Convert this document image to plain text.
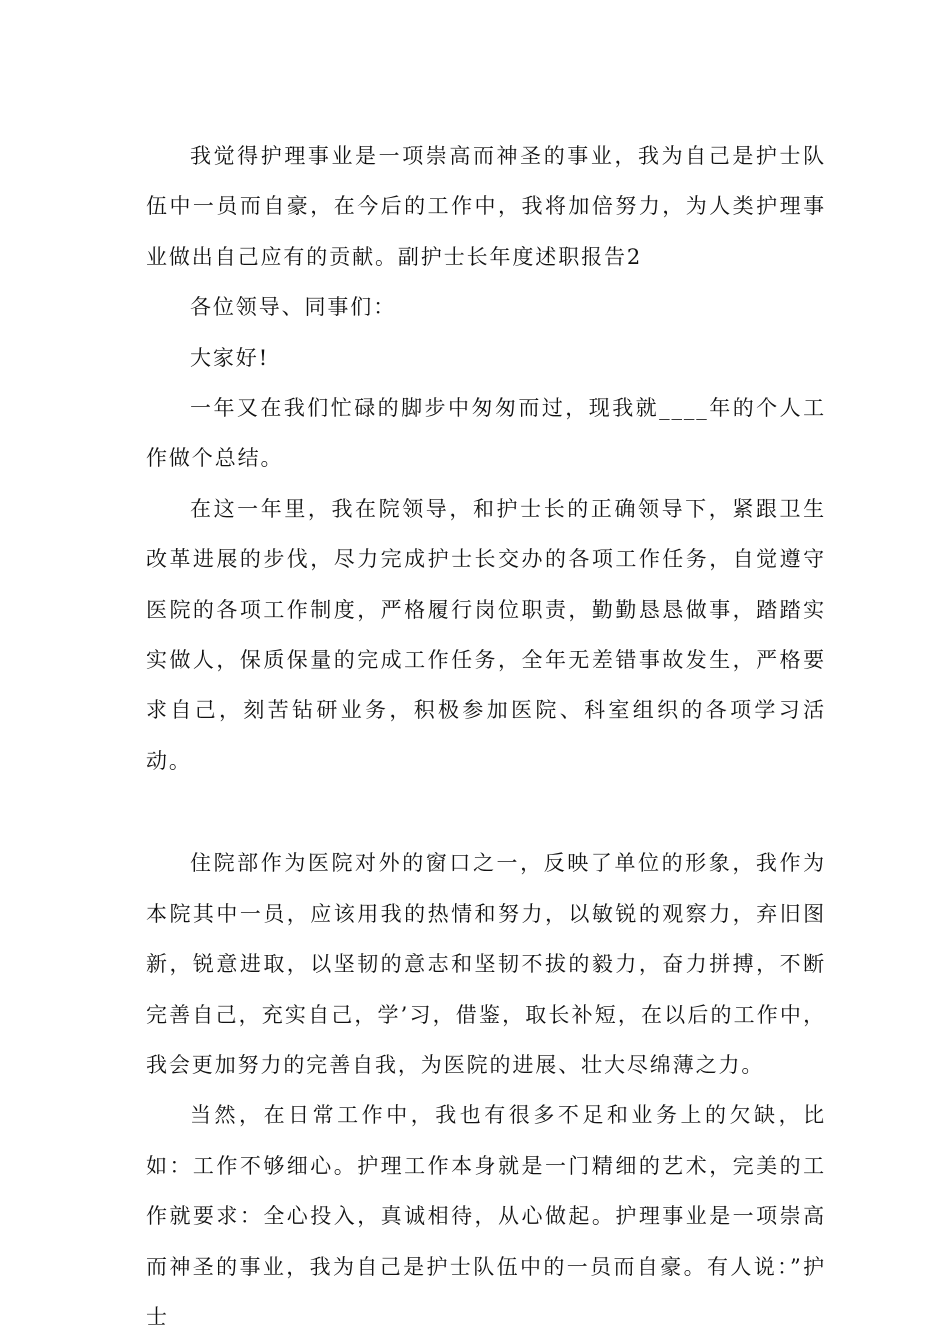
我觉得护理事业是一项崇高而神圣的事业，我为自己是护士队伍中一员而自豪，在今后的工作中，我将加倍努力，为人类护理事业做出自己应有的贡献。副护士长年度述职报告2

各位领导、同事们：

大家好!

一年又在我们忙碌的脚步中匆匆而过，现我就____年的个人工作做个总结。

在这一年里，我在院领导，和护士长的正确领导下，紧跟卫生改革进展的步伐，尽力完成护士长交办的各项工作任务，自觉遵守医院的各项工作制度，严格履行岗位职责，勤勤恳恳做事，踏踏实实做人，保质保量的完成工作任务，全年无差错事故发生，严格要求自己，刻苦钻研业务，积极参加医院、科室组织的各项学习活动。

住院部作为医院对外的窗口之一，反映了单位的形象，我作为本院其中一员，应该用我的热情和努力，以敏锐的观察力，弃旧图新，锐意进取，以坚韧的意志和坚韧不拔的毅力，奋力拼搏，不断完善自己，充实自己，学’习，借鉴，取长补短，在以后的工作中，我会更加努力的完善自我，为医院的进展、壮大尽绵薄之力。

当然，在日常工作中，我也有很多不足和业务上的欠缺，比如：工作不够细心。护理工作本身就是一门精细的艺术，完美的工作就要求：全心投入，真诚相待，从心做起。护理事业是一项崇高而神圣的事业，我为自己是护士队伍中的一员而自豪。有人说：”护士
